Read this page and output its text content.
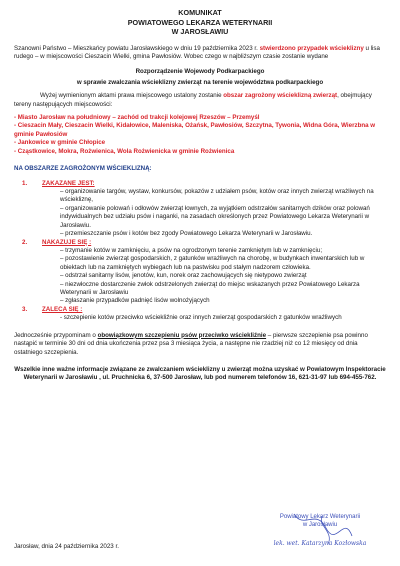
KOMUNIKAT
POWIATOWEGO LEKARZA WETERYNARII
W JAROSŁAWIU

Szanowni Państwo – Mieszkańcy powiatu Jarosławskiego w dniu 19 października 2023 r. stwierdzono przypadek wścieklizny u lisa rudego – w miejscowości Cieszacin Wielki, gmina Pawłosiów. Wobec czego w najbliższym czasie zostanie wydane

Rozporządzenie Wojewody Podkarpackiego
w sprawie zwalczania wścieklizny zwierząt na terenie województwa podkarpackiego

Wyżej wymienionym aktami prawa miejscowego ustalony zostanie obszar zagrożony wścieklizną zwierząt, obejmujący tereny następujących miejscowości:

- Miasto Jarosław na południowy – zachód od trakcji kolejowej Rzeszów – Przemyśl
- Cieszacin Mały, Cieszacin Wielki, Kidałowice, Maleniska, Ożańsk, Pawłosiów, Szczytna, Tywonia, Widna Góra, Wierzbna w gminie Pawłosiów
- Jankowice w gminie Chłopice
- Cząstkowice, Mokra, Rożwienica, Wola Rożwienicka w gminie Rożwienica
NA OBSZARZE ZAGROŻONYM WŚCIEKLIZNĄ:
1. ZAKAZANE JEST:
– organizowanie targów, wystaw, konkursów, pokazów z udziałem psów, kotów oraz innych zwierząt wrażliwych na wściekliznę,
– organizowanie polowań i odłowów zwierząt łownych, za wyjątkiem odstrzałów sanitarnych dzików oraz polowań indywidualnych bez udziału psów i naganki, na zasadach określonych przez Powiatowego Lekarza Weterynarii w Jarosławiu.
– przemieszczanie psów i kotów bez zgody Powiatowego Lekarza Weterynarii w Jarosławiu.
2. NAKAZUJE SIĘ :
– trzymanie kotów w zamknięciu, a psów na ogrodzonym terenie zamkniętym lub w zamknięciu;
– pozostawienie zwierząt gospodarskich, z gatunków wrażliwych na chorobę, w budynkach inwentarskich lub w obiektach lub na zamkniętych wybiegach lub na pastwisku pod stałym nadzorem człowieka.
– odstrzał sanitarny lisów, jenotów, kun, norek oraz zachowujących się nietypowo zwierząt
– niezwłoczne dostarczenie zwłok odstrzelonych zwierząt do miejsc wskazanych przez Powiatowego Lekarza Weterynarii w Jarosławiu
– zgłaszanie przypadków padnięć lisów wolnożyjących
3. ZALECA SIĘ :
- szczepienie kotów przeciwko wściekliźnie oraz innych zwierząt gospodarskich z gatunków wrażliwych

Jednocześnie przypominam o obowiązkowym szczepieniu psów przeciwko wściekliźnie – pierwsze szczepienie psa powinno nastąpić w terminie 30 dni od dnia ukończenia przez psa 3 miesiąca życia, a następne nie rzadziej niż co 12 miesięcy od dnia ostatniego szczepienia.

Wszelkie inne ważne informacje związane ze zwalczaniem wścieklizny u zwierząt można uzyskać w Powiatowym Inspektoracie Weterynarii w Jarosławiu , ul. Pruchnicka 6, 37-500 Jarosław, lub pod numerem telefonów 16, 621-31-97 lub 694-455-762.

Jarosław, dnia 24 października 2023 r.
Powiatowy Lekarz Weterynarii
w Jarosławiu
lek. wet. Katarzyna Kozłowska
